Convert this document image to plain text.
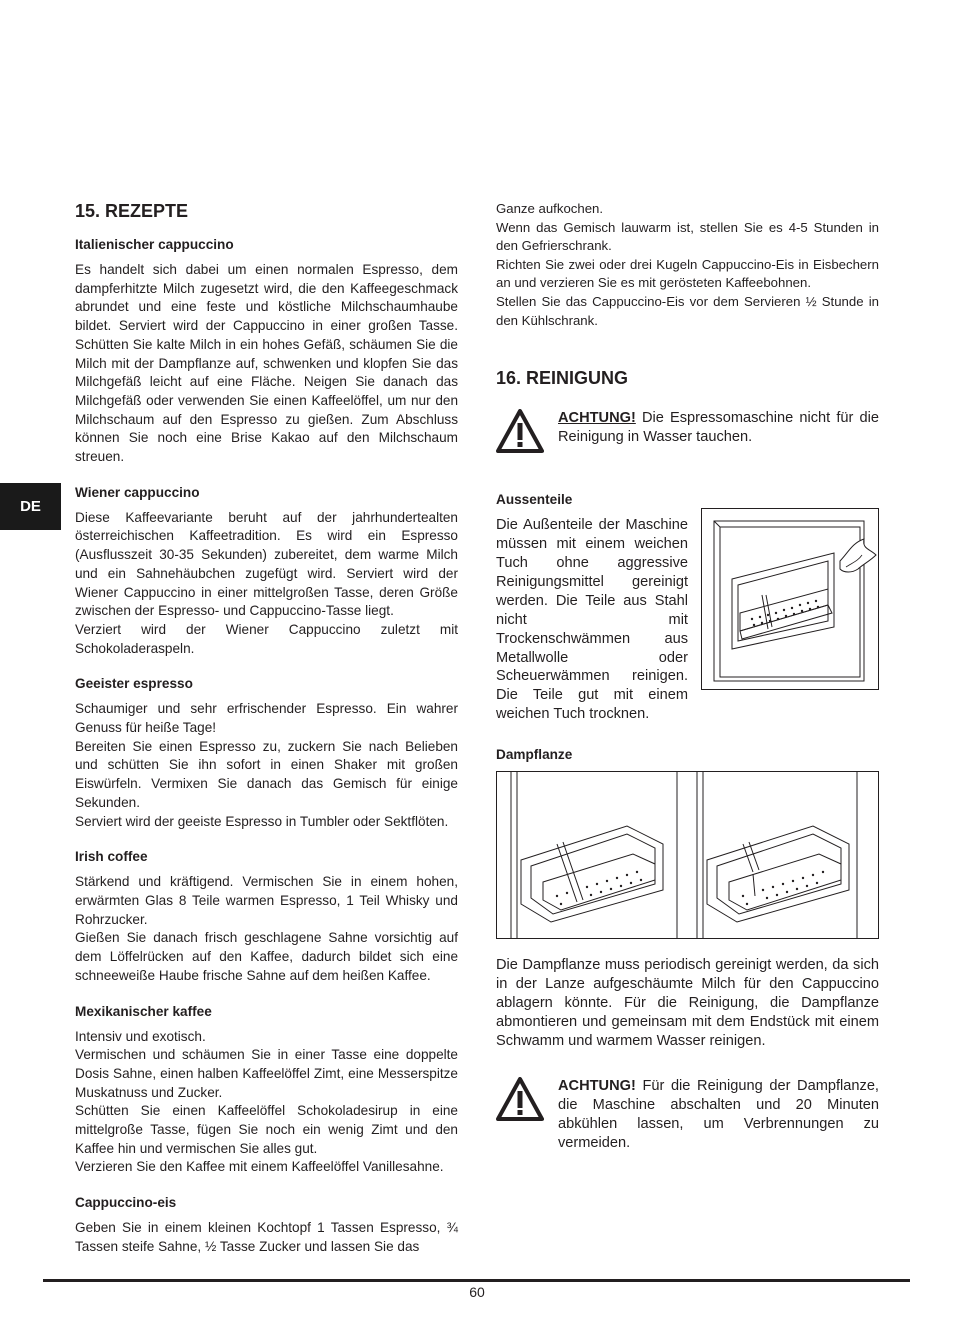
DE
15. REZEPTE
Italienischer cappuccino

Es handelt sich dabei um einen normalen Espresso, dem dampferhitzte Milch zugesetzt wird, die den Kaffeegeschmack abrundet und eine feste und köstliche Milchschaumhaube bildet. Serviert wird der Cappuccino in einer großen Tasse. Schütten Sie kalte Milch in ein hohes Gefäß, schäumen Sie die Milch mit der Dampflanze auf, schwenken und klopfen Sie das Milchgefäß leicht auf eine Fläche. Neigen Sie danach das Milchgefäß oder verwenden Sie einen Kaffeelöffel, um nur den Milchschaum auf den Espresso zu gießen. Zum Abschluss können Sie noch eine Brise Kakao auf den Milchschaum streuen.

Wiener cappuccino

Diese Kaffeevariante beruht auf der jahrhundertealten österreichischen Kaffeetradition. Es wird ein Espresso (Ausflusszeit 30-35 Sekunden) zubereitet, dem warme Milch und ein Sahnehäubchen zugefügt wird. Serviert wird der Wiener Cappuccino in einer mittelgroßen Tasse, deren Größe zwischen der Espresso- und Cappuccino-Tasse liegt.

Verziert wird der Wiener Cappuccino zuletzt mit Schokoladeraspeln.

Geeister espresso

Schaumiger und sehr erfrischender Espresso. Ein wahrer Genuss für heiße Tage!

Bereiten Sie einen Espresso zu, zuckern Sie nach Belieben und schütten Sie ihn sofort in einen Shaker mit großen Eiswürfeln. Vermixen Sie danach das Gemisch für einige Sekunden.

Serviert wird der geeiste Espresso in Tumbler oder Sektflöten.

Irish coffee

Stärkend und kräftigend. Vermischen Sie in einem hohen, erwärmten Glas 8 Teile warmen Espresso, 1 Teil Whisky und Rohrzucker.

Gießen Sie danach frisch geschlagene Sahne vorsichtig auf dem Löffelrücken auf den Kaffee, dadurch bildet sich eine schneeweiße Haube frische Sahne auf dem heißen Kaffee.

Mexikanischer kaffee

Intensiv und exotisch.

Vermischen und schäumen Sie in einer Tasse eine doppelte Dosis Sahne, einen halben Kaffeelöffel Zimt, eine Messerspitze Muskatnuss und Zucker.

Schütten Sie einen Kaffeelöffel Schokoladesirup in eine mittelgroße Tasse, fügen Sie noch ein wenig Zimt und den Kaffee hin und vermischen Sie alles gut.

Verzieren Sie den Kaffee mit einem Kaffeelöffel Vanillesahne.

Cappuccino-eis

Geben Sie in einem kleinen Kochtopf 1 Tassen Espresso, ¾ Tassen steife Sahne, ½ Tasse Zucker und lassen Sie das

Ganze aufkochen.

Wenn das Gemisch lauwarm ist, stellen Sie es 4-5 Stunden in den Gefrierschrank.

Richten Sie zwei oder drei Kugeln Cappuccino-Eis in Eisbechern an und verzieren Sie es mit gerösteten Kaffeebohnen.

Stellen Sie das Cappuccino-Eis vor dem Servieren ½ Stunde in den Kühlschrank.

16. REINIGUNG

ACHTUNG! Die Espressomaschine nicht für die Reinigung in Wasser tauchen.

Aussenteile

Die Außenteile der Maschine müssen mit einem weichen Tuch ohne aggressive Reinigungsmittel gereinigt werden. Die Teile aus Stahl nicht mit Trockenschwämmen aus Metallwolle oder Scheuerwämmen reinigen. Die Teile gut mit einem weichen Tuch trocknen.

Dampflanze

Die Dampflanze muss periodisch gereinigt werden, da sich in der Lanze aufgeschäumte Milch für den Cappuccino ablagern könnte. Für die Reinigung, die Dampflanze abmontieren und gemeinsam mit dem Endstück mit einem Schwamm und warmem Wasser reinigen.

ACHTUNG! Für die Reinigung der Dampflanze, die Maschine abschalten und 20 Minuten abkühlen lassen, um Verbrennungen zu vermeiden.

60
